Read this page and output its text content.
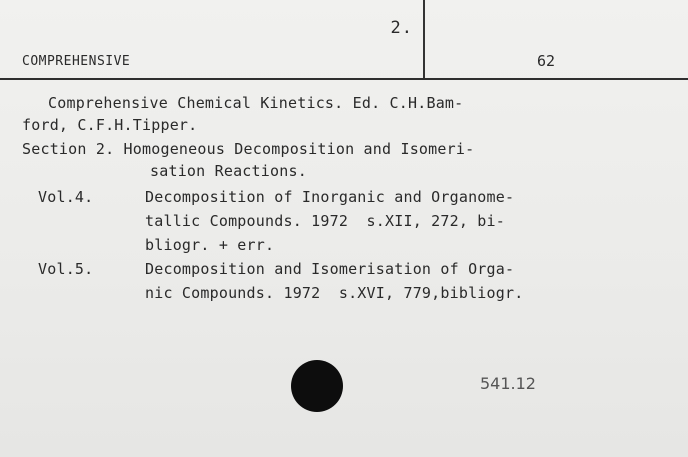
2.
COMPREHENSIVE	62
Comprehensive Chemical Kinetics. Ed. C.H.Bam-
ford, C.F.H.Tipper.
Section 2. Homogeneous Decomposition and Isomeri-
sation Reactions.
Vol.4.	Decomposition of Inorganic and Organome-
tallic Compounds. 1972  s.XII, 272, bi-
bliogr. + err.
Vol.5.	Decomposition and Isomerisation of Orga-
nic Compounds. 1972  s.XVI, 779,bibliogr.
541.12
